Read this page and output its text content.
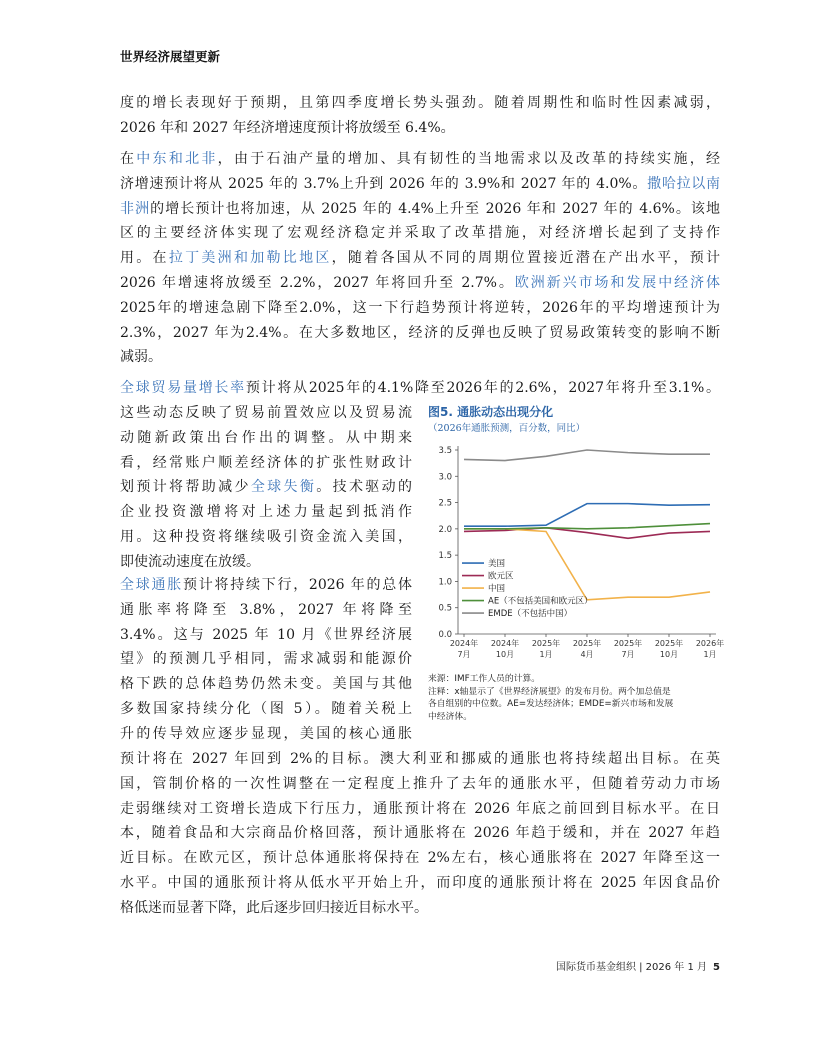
世界经济展望更新
度的增长表现好于预期，且第四季度增长势头强劲。随着周期性和临时性因素减弱，
2026 年和 2027 年经济增速度预计将放缓至 6.4%。
在中东和北非，由于石油产量的增加、具有韧性的当地需求以及改革的持续实施，经
济增速预计将从 2025 年的 3.7%上升到 2026 年的 3.9%和 2027 年的 4.0%。撒哈拉以南
非洲的增长预计也将加速，从 2025 年的 4.4%上升至 2026 年和 2027 年的 4.6%。该地
区的主要经济体实现了宏观经济稳定并采取了改革措施，对经济增长起到了支持作
用。在拉丁美洲和加勒比地区，随着各国从不同的周期位置接近潜在产出水平，预计
2026 年增速将放缓至 2.2%，2027 年将回升至 2.7%。欧洲新兴市场和发展中经济体
2025年的增速急剧下降至2.0%，这一下行趋势预计将逆转，2026年的平均增速预计为
2.3%，2027 年为2.4%。在大多数地区，经济的反弹也反映了贸易政策转变的影响不断
减弱。
全球贸易量增长率预计将从2025年的4.1%降至2026年的2.6%，2027年将升至3.1%。
这些动态反映了贸易前置效应以及贸易流
动随新政策出台作出的调整。从中期来
看，经常账户顺差经济体的扩张性财政计
划预计将帮助减少全球失衡。技术驱动的
企业投资激增将对上述力量起到抵消作
用。这种投资将继续吸引资金流入美国，
即使流动速度在放缓。
全球通胀预计将持续下行，2026 年的总体
通胀率将降至 3.8%，2027 年将降至
3.4%。这与 2025 年 10 月《世界经济展
望》的预测几乎相同，需求减弱和能源价
格下跌的总体趋势仍然未变。美国与其他
多数国家持续分化（图 5）。随着关税上
升的传导效应逐步显现，美国的核心通胀
预计将在 2027 年回到 2%的目标。澳大利亚和挪威的通胀也将持续超出目标。在英
国，管制价格的一次性调整在一定程度上推升了去年的通胀水平，但随着劳动力市场
走弱继续对工资增长造成下行压力，通胀预计将在 2026 年底之前回到目标水平。在日
本，随着食品和大宗商品价格回落，预计通胀将在 2026 年趋于缓和，并在 2027 年趋
近目标。在欧元区，预计总体通胀将保持在 2%左右，核心通胀将在 2027 年降至这一
水平。中国的通胀预计将从低水平开始上升，而印度的通胀预计将在 2025 年因食品价
格低迷而显著下降，此后逐步回归接近目标水平。

图5. 通胀动态出现分化

（2026年通胀预测，百分数，同比）

0.0
0.5
1.0
1.5
2.0
2.5
3.0
3.5
2024年
7月
2024年
10月
2025年
1月
2025年
4月
2025年
7月
2025年
10月
2026年
1月
美国
欧元区
中国
AE（不包括美国和欧元区）
EMDE（不包括中国）
来源：IMF工作人员的计算。
注释：x轴显示了《世界经济展望》的发布月份。两个加总值是
各自组别的中位数。AE=发达经济体；EMDE=新兴市场和发展
中经济体。
国际货币基金组织 | 2026 年 1 月 5
